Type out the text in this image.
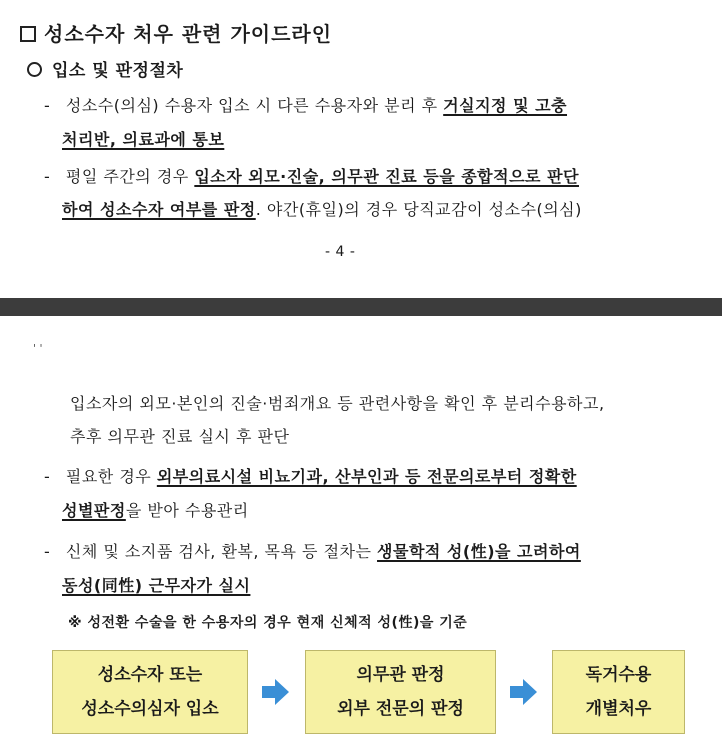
성소수자 처우 관련 가이드라인
입소 및 판정절차
- 성소수(의심) 수용자 입소 시 다른 수용자와 분리 후 거실지정 및 고충
처리반, 의료과에 통보
- 평일 주간의 경우 입소자 외모·진술, 의무관 진료 등을 종합적으로 판단
하여 성소수자 여부를 판정. 야간(휴일)의 경우 당직교감이 성소수(의심)
- 4 -
' '
입소자의 외모·본인의 진술·범죄개요 등 관련사항을 확인 후 분리수용하고,
추후 의무관 진료 실시 후 판단
- 필요한 경우 외부의료시설 비뇨기과, 산부인과 등 전문의로부터 정확한
성별판정을 받아 수용관리
- 신체 및 소지품 검사, 환복, 목욕 등 절차는 생물학적 성(性)을 고려하여
동성(同性) 근무자가 실시
※ 성전환 수술을 한 수용자의 경우 현재 신체적 성(性)을 기준
성소수자 또는
성소수의심자 입소
의무관 판정
외부 전문의 판정
독거수용
개별처우
